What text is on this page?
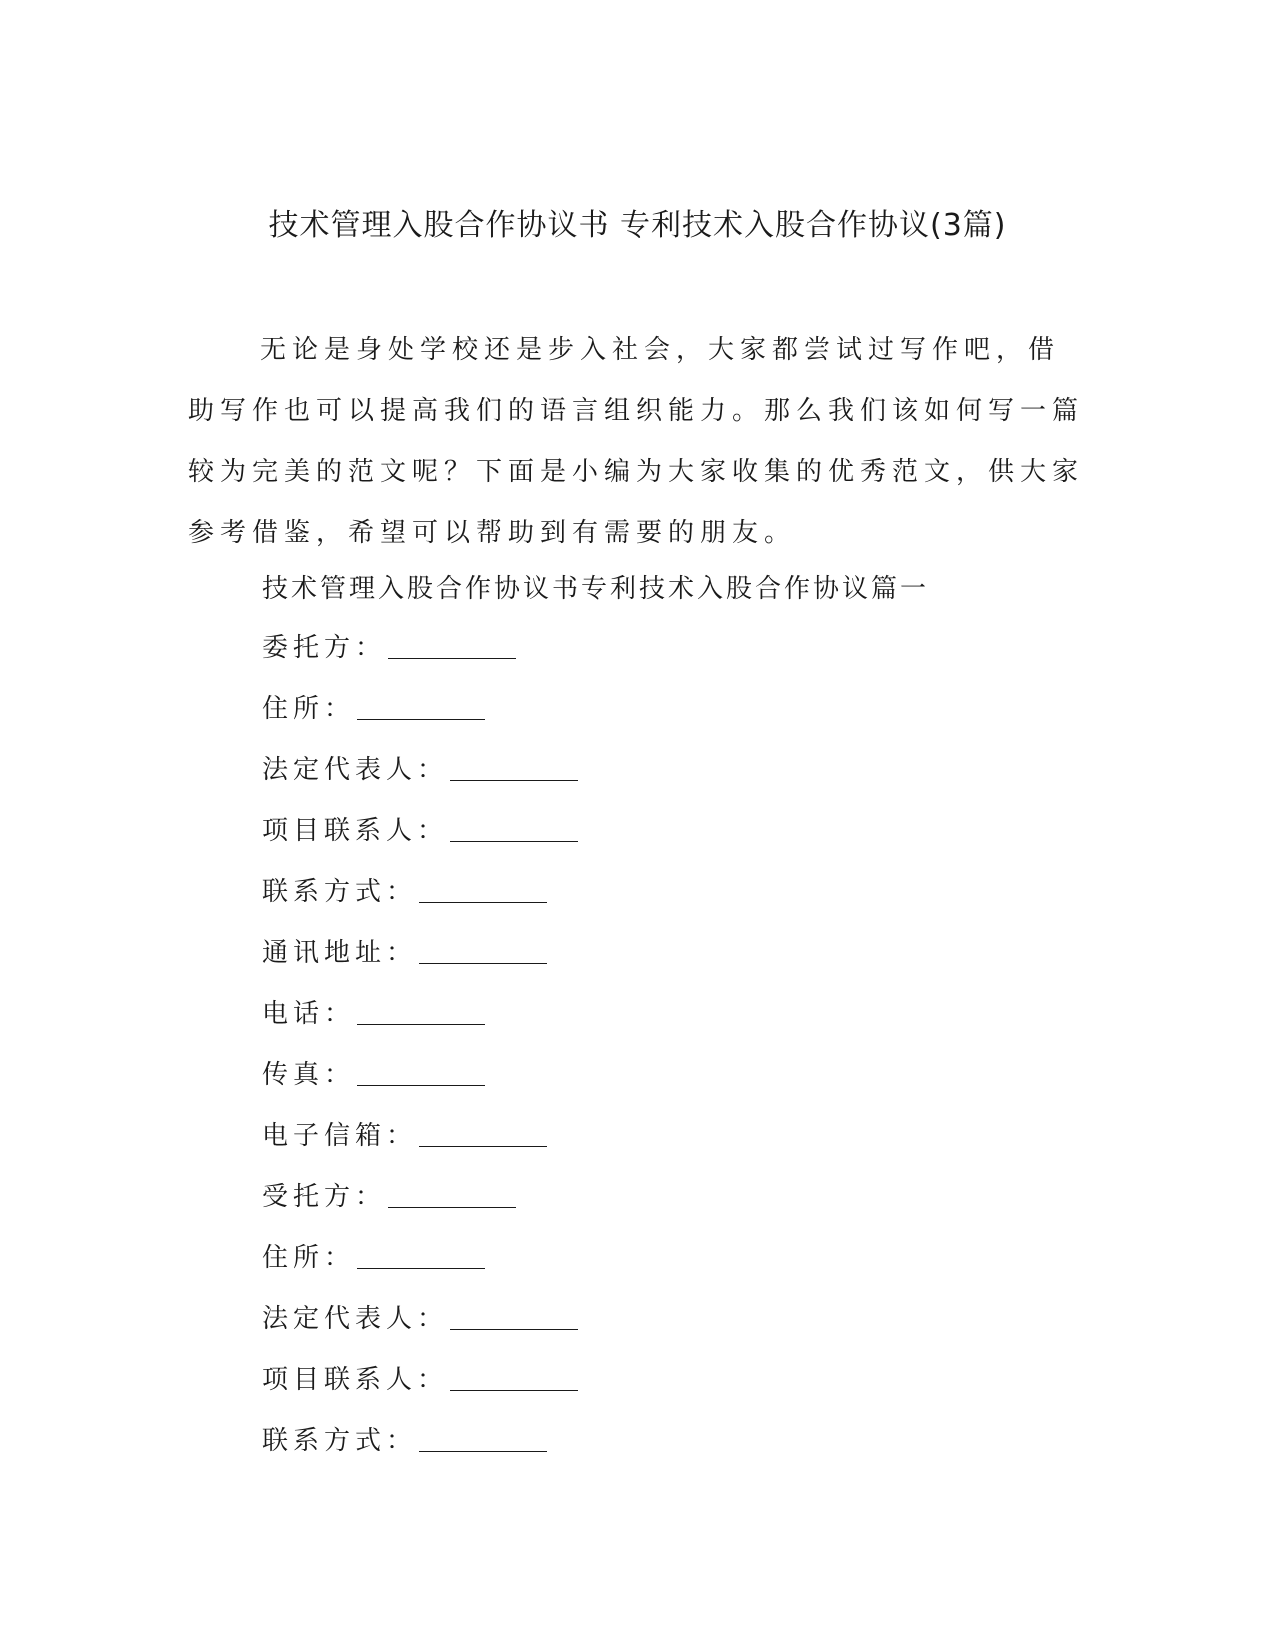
技术管理入股合作协议书 专利技术入股合作协议(3篇)

无论是身处学校还是步入社会，大家都尝试过写作吧，借助写作也可以提高我们的语言组织能力。那么我们该如何写一篇较为完美的范文呢？下面是小编为大家收集的优秀范文，供大家参考借鉴，希望可以帮助到有需要的朋友。

技术管理入股合作协议书专利技术入股合作协议篇一

委托方：
住所：
法定代表人：
项目联系人：
联系方式：
通讯地址：
电话：
传真：
电子信箱：
受托方：
住所：
法定代表人：
项目联系人：
联系方式：
